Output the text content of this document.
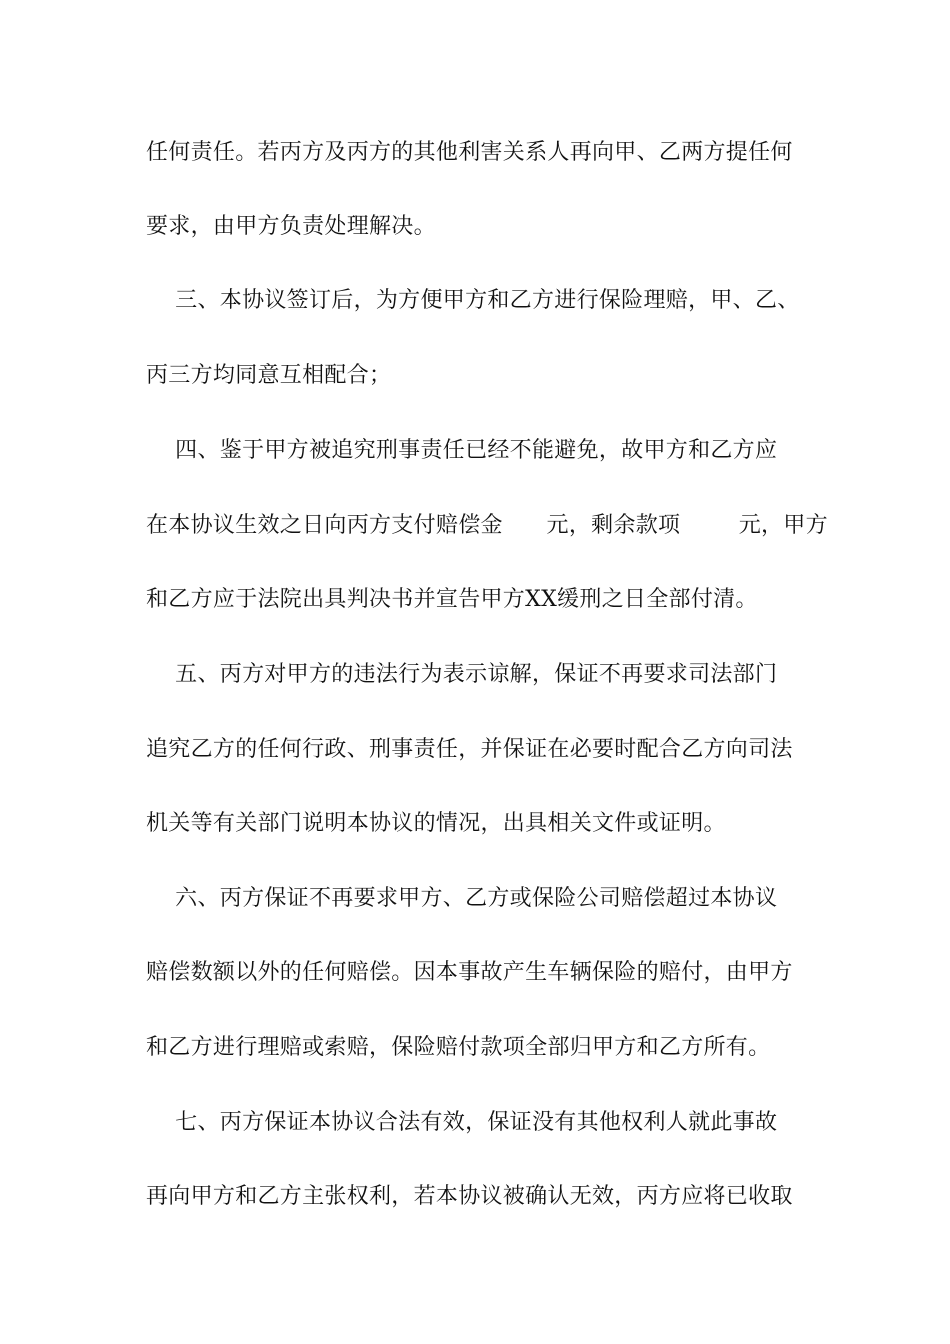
任何责任。若丙方及丙方的其他利害关系人再向甲、乙两方提任何
要求，由甲方负责处理解决。
三、本协议签订后，为方便甲方和乙方进行保险理赔，甲、乙、
丙三方均同意互相配合；
四、鉴于甲方被追究刑事责任已经不能避免，故甲方和乙方应
在本协议生效之日向丙方支付赔偿金      元，剩余款项        元，甲方
和乙方应于法院出具判决书并宣告甲方XX缓刑之日全部付清。
五、丙方对甲方的违法行为表示谅解，保证不再要求司法部门
追究乙方的任何行政、刑事责任，并保证在必要时配合乙方向司法
机关等有关部门说明本协议的情况，出具相关文件或证明。
六、丙方保证不再要求甲方、乙方或保险公司赔偿超过本协议
赔偿数额以外的任何赔偿。因本事故产生车辆保险的赔付，由甲方
和乙方进行理赔或索赔，保险赔付款项全部归甲方和乙方所有。
七、丙方保证本协议合法有效，保证没有其他权利人就此事故
再向甲方和乙方主张权利，若本协议被确认无效，丙方应将已收取
